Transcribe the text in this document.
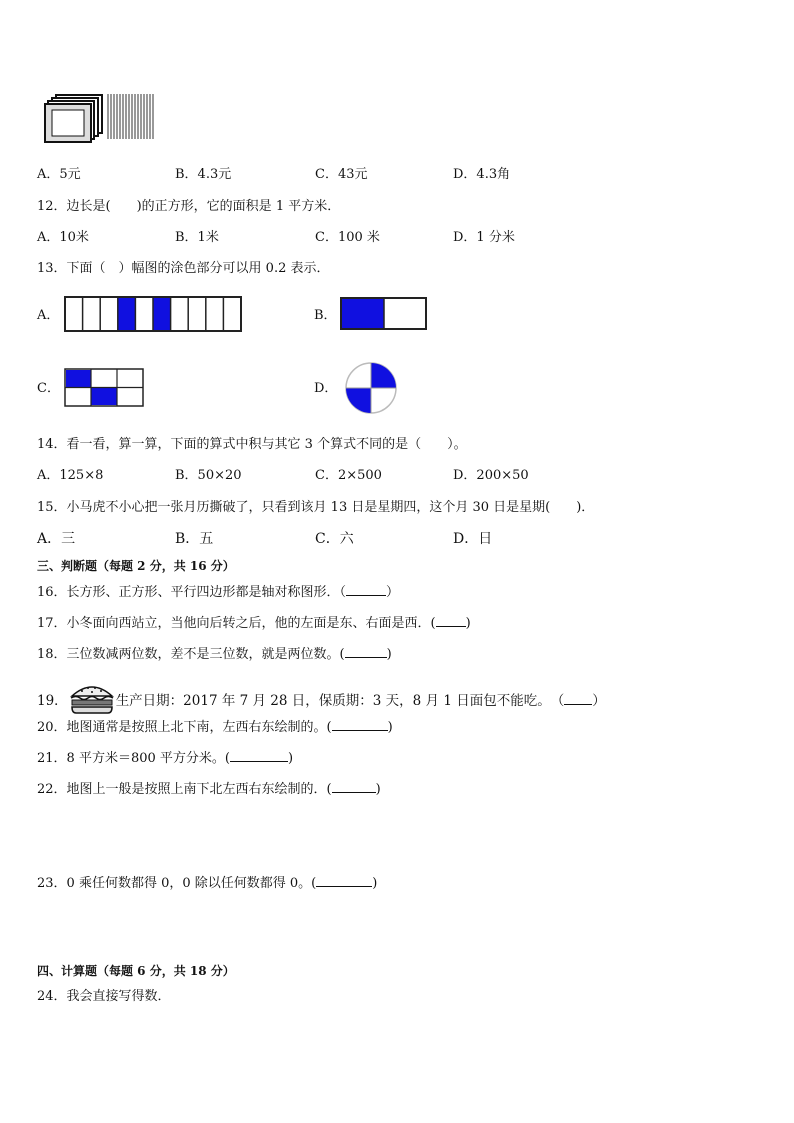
A．5元	B．4.3元	C．43元	D．4.3角
12．边长是(　　)的正方形，它的面积是 1 平方米．
A．10米	B．1米	C．100 米	D．1 分米
13．下面（　）幅图的涂色部分可以用 0.2 表示．
A．	B．
C．	D．
14．看一看，算一算，下面的算式中积与其它 3 个算式不同的是（　　）。
A．125×8	B．50×20	C．2×500	D．200×50
15．小马虎不小心把一张月历撕破了，只看到该月 13 日是星期四，这个月 30 日是星期(　　)．
A．三	B．五	C．六	D．日
三、判断题（每题 2 分，共 16 分）
16．长方形、正方形、平行四边形都是轴对称图形．（	）
17．小冬面向西站立，当他向后转之后，他的左面是东、右面是西．( )
18．三位数减两位数，差不是三位数，就是两位数。(	)
19．	生产日期：2017 年 7 月 28 日，保质期：3 天，8 月 1 日面包不能吃。　（ ）
20．地图通常是按照上北下南，左西右东绘制的。(	)
21．8 平方米＝800 平方分米。(	)
22．地图上一般是按照上南下北左西右东绘制的．(	)
23．0 乘任何数都得 0，0 除以任何数都得 0。(	)
四、计算题（每题 6 分，共 18 分）
24．我会直接写得数．
